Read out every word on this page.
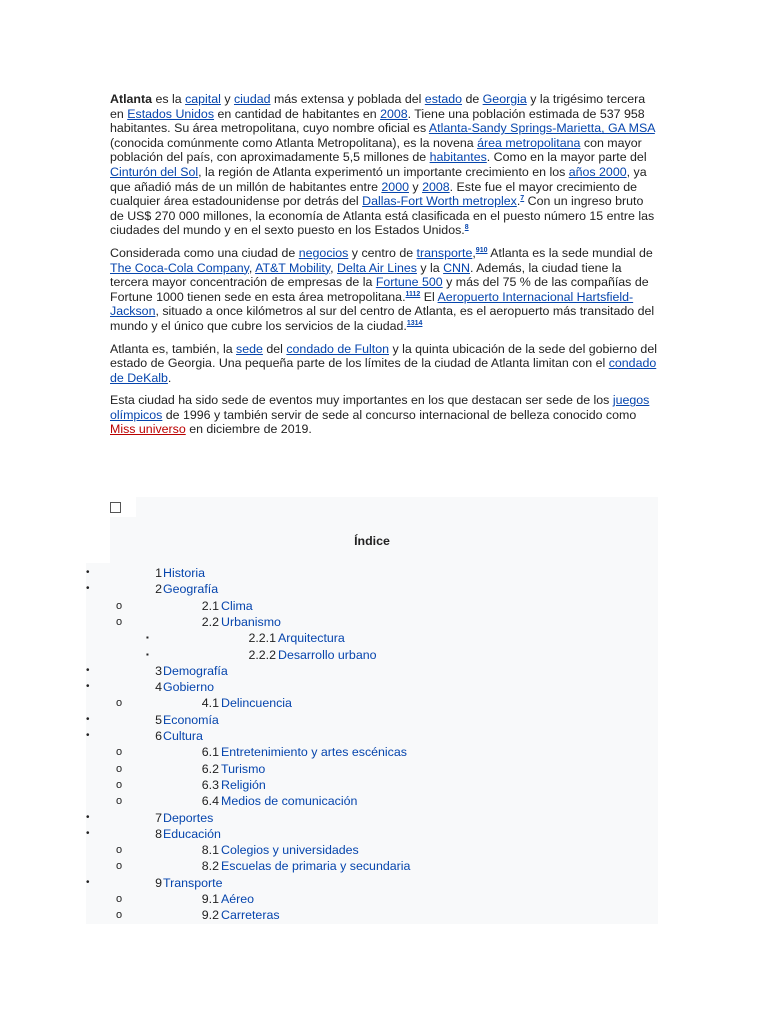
Atlanta es la capital y ciudad más extensa y poblada del estado de Georgia y la trigésimo tercera en Estados Unidos en cantidad de habitantes en 2008. Tiene una población estimada de 537 958 habitantes. Su área metropolitana, cuyo nombre oficial es Atlanta-Sandy Springs-Marietta, GA MSA (conocida comúnmente como Atlanta Metropolitana), es la novena área metropolitana con mayor población del país, con aproximadamente 5,5 millones de habitantes. Como en la mayor parte del Cinturón del Sol, la región de Atlanta experimentó un importante crecimiento en los años 2000, ya que añadió más de un millón de habitantes entre 2000 y 2008. Este fue el mayor crecimiento de cualquier área estadounidense por detrás del Dallas-Fort Worth metroplex.$^7$ Con un ingreso bruto de US$ 270 000 millones, la economía de Atlanta está clasificada en el puesto número 15 entre las ciudades del mundo y en el sexto puesto en los Estados Unidos.$^8$

Considerada como una ciudad de negocios y centro de transporte,$^{910}$ Atlanta es la sede mundial de The Coca-Cola Company, AT&T Mobility, Delta Air Lines y la CNN. Además, la ciudad tiene la tercera mayor concentración de empresas de la Fortune 500 y más del 75 % de las compañías de Fortune 1000 tienen sede en esta área metropolitana.$^{1112}$ El Aeropuerto Internacional Hartsfield-Jackson, situado a once kilómetros al sur del centro de Atlanta, es el aeropuerto más transitado del mundo y el único que cubre los servicios de la ciudad.$^{1314}$

Atlanta es, también, la sede del condado de Fulton y la quinta ubicación de la sede del gobierno del estado de Georgia. Una pequeña parte de los límites de la ciudad de Atlanta limitan con el condado de DeKalb.

Esta ciudad ha sido sede de eventos muy importantes en los que destacan ser sede de los juegos olímpicos de 1996 y también servir de sede al concurso internacional de belleza conocido como Miss universo en diciembre de 2019.

Índice
•	1 Historia
•	2 Geografía
o	2.1 Clima
o	2.2 Urbanismo
▪	2.2.1 Arquitectura
▪	2.2.2 Desarrollo urbano
•	3 Demografía
•	4 Gobierno
o	4.1 Delincuencia
•	5 Economía
•	6 Cultura
o	6.1 Entretenimiento y artes escénicas
o	6.2 Turismo
o	6.3 Religión
o	6.4 Medios de comunicación
•	7 Deportes
•	8 Educación
o	8.1 Colegios y universidades
o	8.2 Escuelas de primaria y secundaria
•	9 Transporte
o	9.1 Aéreo
o	9.2 Carreteras
